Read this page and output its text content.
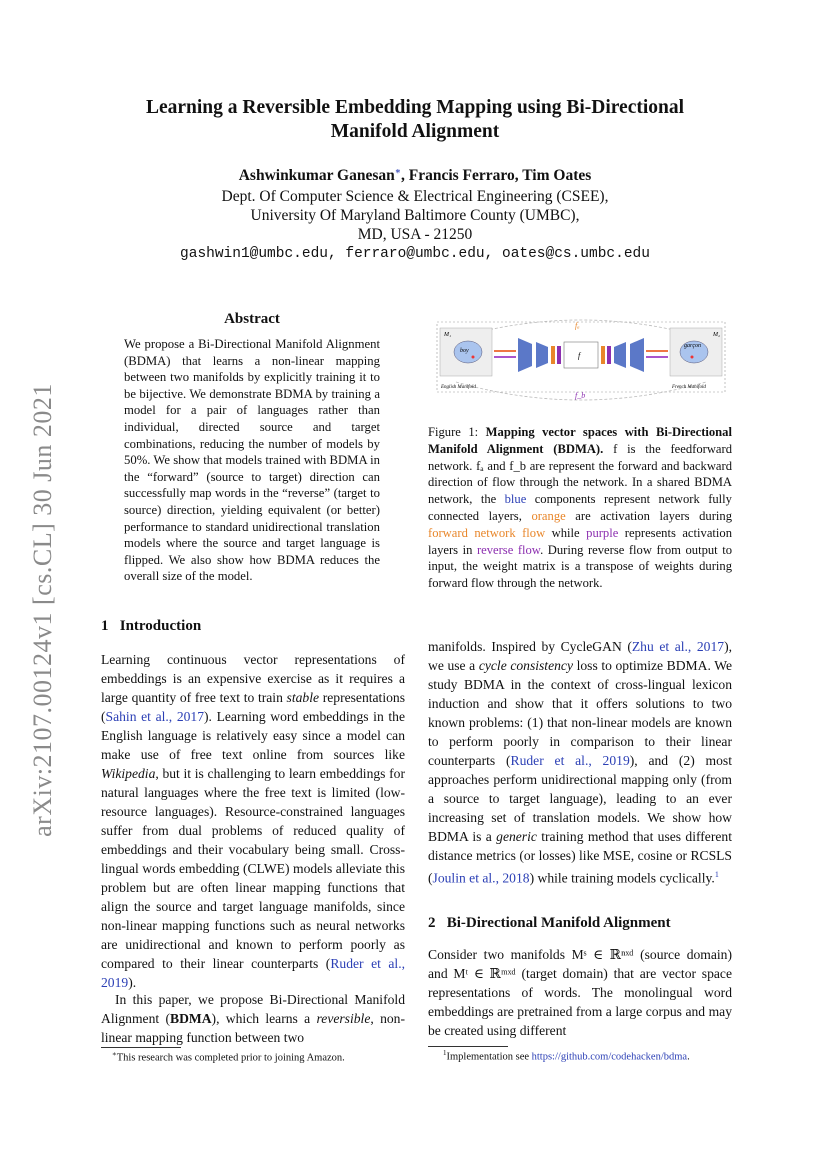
arXiv:2107.00124v1 [cs.CL] 30 Jun 2021
Learning a Reversible Embedding Mapping using Bi-Directional
Manifold Alignment
Ashwinkumar Ganesan∗, Francis Ferraro, Tim Oates
Dept. Of Computer Science & Electrical Engineering (CSEE),
University Of Maryland Baltimore County (UMBC),
MD, USA - 21250
gashwin1@umbc.edu, ferraro@umbc.edu, oates@cs.umbc.edu
Abstract
We propose a Bi-Directional Manifold Alignment (BDMA) that learns a non-linear mapping between two manifolds by explicitly training it to be bijective. We demonstrate BDMA by training a model for a pair of languages rather than individual, directed source and target combinations, reducing the number of models by 50%. We show that models trained with BDMA in the “forward” (source to target) direction can successfully map words in the “reverse” (target to source) direction, yielding equivalent (or better) performance to standard unidirectional translation models where the source and target language is flipped. We also show how BDMA reduces the overall size of the model.
fₐ
f_b
M₁
boy
English Manifold
M₂
garçon
French Manifold
f
Figure 1: Mapping vector spaces with Bi-Directional Manifold Alignment (BDMA). f is the feedforward network. fₐ and f_b are represent the forward and backward direction of flow through the network. In a shared BDMA network, the blue components represent network fully connected layers, orange are activation layers during forward network flow while purple represents activation layers in reverse flow. During reverse flow from output to input, the weight matrix is a transpose of weights during forward flow through the network.
1 Introduction
Learning continuous vector representations of embeddings is an expensive exercise as it requires a large quantity of free text to train stable representations (Sahin et al., 2017). Learning word embeddings in the English language is relatively easy since a model can make use of free text online from sources like Wikipedia, but it is challenging to learn embeddings for natural languages where the free text is limited (low-resource languages). Resource-constrained languages suffer from dual problems of reduced quality of embeddings and their vocabulary being small. Cross-lingual words embedding (CLWE) models alleviate this problem but are often linear mapping functions that align the source and target language manifolds, since non-linear mapping functions such as neural networks are unidirectional and known to perform poorly as compared to their linear counterparts (Ruder et al., 2019).
In this paper, we propose Bi-Directional Manifold Alignment (BDMA), which learns a reversible, non-linear mapping function between two
∗This research was completed prior to joining Amazon.
manifolds. Inspired by CycleGAN (Zhu et al., 2017), we use a cycle consistency loss to optimize BDMA. We study BDMA in the context of cross-lingual lexicon induction and show that it offers solutions to two known problems: (1) that non-linear models are known to perform poorly in comparison to their linear counterparts (Ruder et al., 2019), and (2) most approaches perform unidirectional mapping only (from a source to target language), leading to an ever increasing set of translation models. We show how BDMA is a generic training method that uses different distance metrics (or losses) like MSE, cosine or RCSLS (Joulin et al., 2018) while training models cyclically.$^1$
2 Bi-Directional Manifold Alignment
Consider two manifolds Mˢ ∈ ℝⁿˣᵈ (source domain) and Mᵗ ∈ ℝᵐˣᵈ (target domain) that are vector space representations of words. The monolingual word embeddings are pretrained from a large corpus and may be created using different
$^1$Implementation see https://github.com/codehacken/bdma.
